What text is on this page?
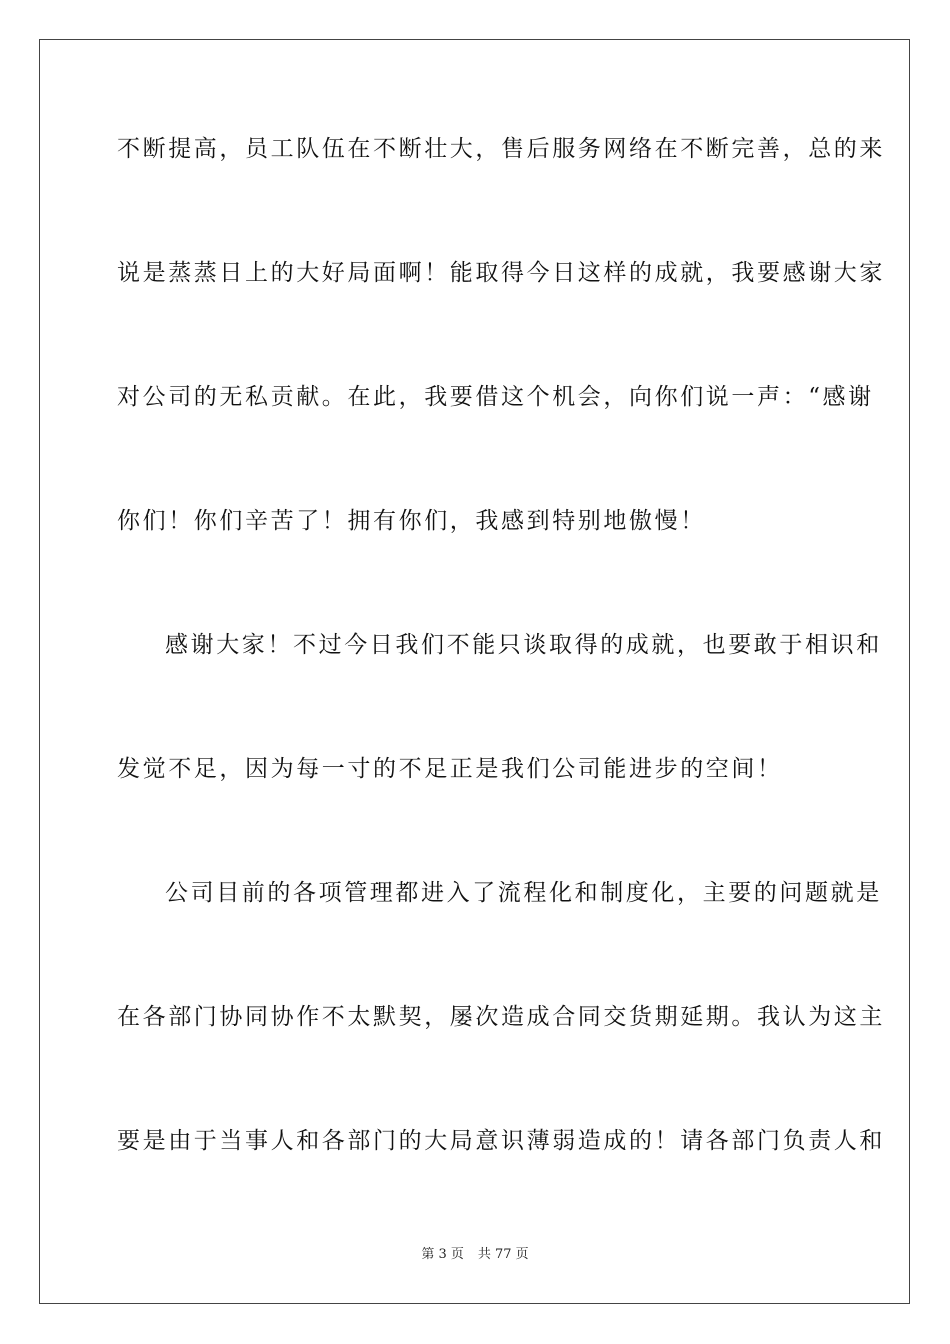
不断提高，员工队伍在不断壮大，售后服务网络在不断完善，总的来
说是蒸蒸日上的大好局面啊！能取得今日这样的成就，我要感谢大家
对公司的无私贡献。在此，我要借这个机会，向你们说一声：“感谢
你们！你们辛苦了！拥有你们，我感到特别地傲慢！
感谢大家！不过今日我们不能只谈取得的成就，也要敢于相识和
发觉不足，因为每一寸的不足正是我们公司能进步的空间！
公司目前的各项管理都进入了流程化和制度化，主要的问题就是
在各部门协同协作不太默契，屡次造成合同交货期延期。我认为这主
要是由于当事人和各部门的大局意识薄弱造成的！请各部门负责人和
第 3 页 共 77 页
